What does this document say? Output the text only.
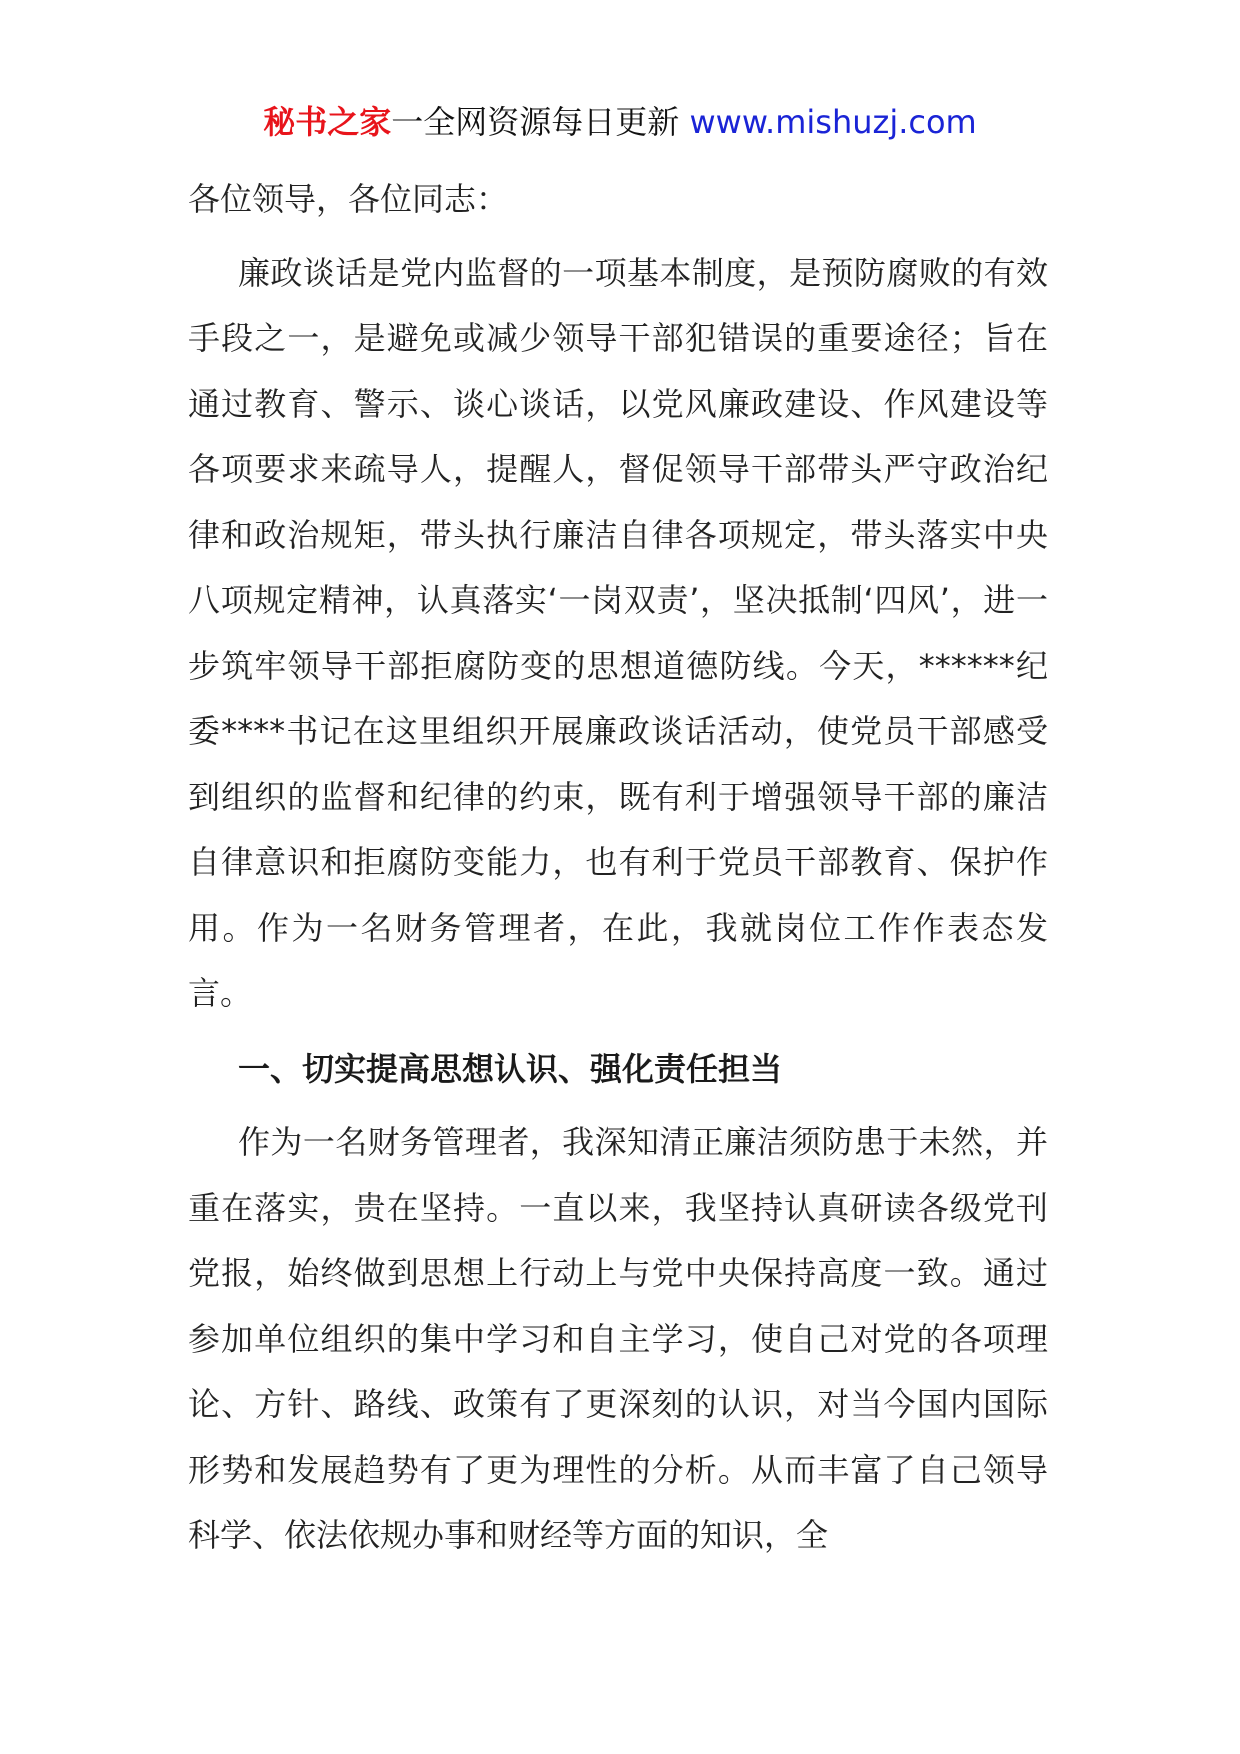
秘书之家一全网资源每日更新 www.mishuzj.com

各位领导，各位同志：

廉政谈话是党内监督的一项基本制度，是预防腐败的有效手段之一，是避免或减少领导干部犯错误的重要途径；旨在通过教育、警示、谈心谈话，以党风廉政建设、作风建设等各项要求来疏导人，提醒人，督促领导干部带头严守政治纪律和政治规矩，带头执行廉洁自律各项规定，带头落实中央八项规定精神，认真落实‘一岗双责’，坚决抵制‘四风’，进一步筑牢领导干部拒腐防变的思想道德防线。今天，******纪委****书记在这里组织开展廉政谈话活动，使党员干部感受到组织的监督和纪律的约束，既有利于增强领导干部的廉洁自律意识和拒腐防变能力，也有利于党员干部教育、保护作用。作为一名财务管理者，在此，我就岗位工作作表态发言。

一、切实提高思想认识、强化责任担当

作为一名财务管理者，我深知清正廉洁须防患于未然，并重在落实，贵在坚持。一直以来，我坚持认真研读各级党刊党报，始终做到思想上行动上与党中央保持高度一致。通过参加单位组织的集中学习和自主学习，使自己对党的各项理论、方针、路线、政策有了更深刻的认识，对当今国内国际形势和发展趋势有了更为理性的分析。从而丰富了自己领导科学、依法依规办事和财经等方面的知识，全
